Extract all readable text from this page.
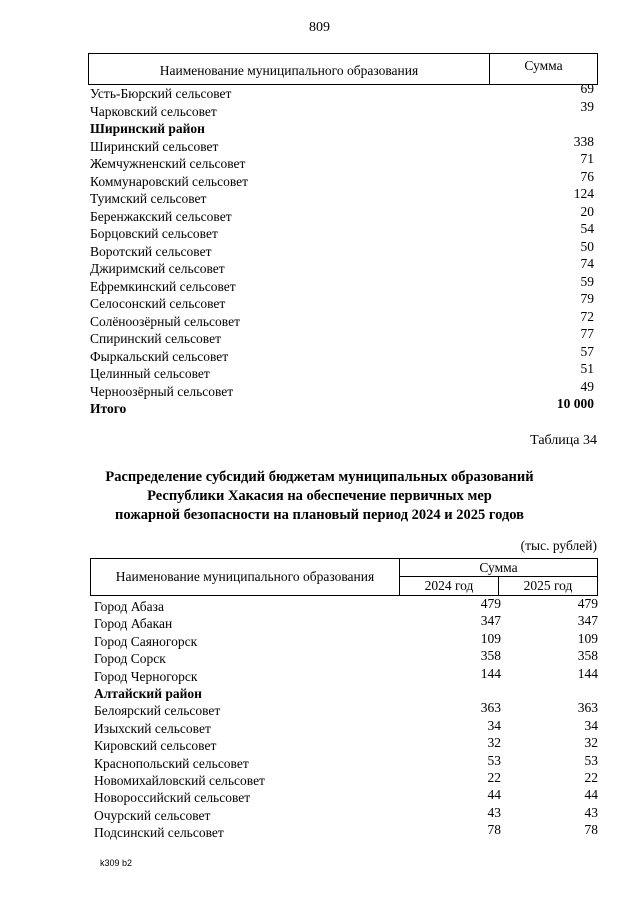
809
Наименование муниципального образования	Сумма
Усть-Бюрский сельсовет	69
Чарковский сельсовет	39
Ширинский район
Ширинский сельсовет	338
Жемчужненский сельсовет	71
Коммунаровский сельсовет	76
Туимский сельсовет	124
Беренжакский сельсовет	20
Борцовский сельсовет	54
Воротский сельсовет	50
Джиримский сельсовет	74
Ефремкинский сельсовет	59
Селосонский сельсовет	79
Солёноозёрный сельсовет	72
Спиринский сельсовет	77
Фыркальский сельсовет	57
Целинный сельсовет	51
Черноозёрный сельсовет	49
Итого	10 000
Таблица 34
Распределение субсидий бюджетам муниципальных образований
Республики Хакасия на обеспечение первичных мер
пожарной безопасности на плановый период 2024 и 2025 годов
(тыс. рублей)
Наименование муниципального образования
Сумма
2024 год	2025 год
Город Абаза	479	479
Город Абакан	347	347
Город Саяногорск	109	109
Город Сорск	358	358
Город Черногорск	144	144
Алтайский район
Белоярский сельсовет	363	363
Изыхский сельсовет	34	34
Кировский сельсовет	32	32
Краснопольский сельсовет	53	53
Новомихайловский сельсовет	22	22
Новороссийский сельсовет	44	44
Очурский сельсовет	43	43
Подсинский сельсовет	78	78
k309 b2
